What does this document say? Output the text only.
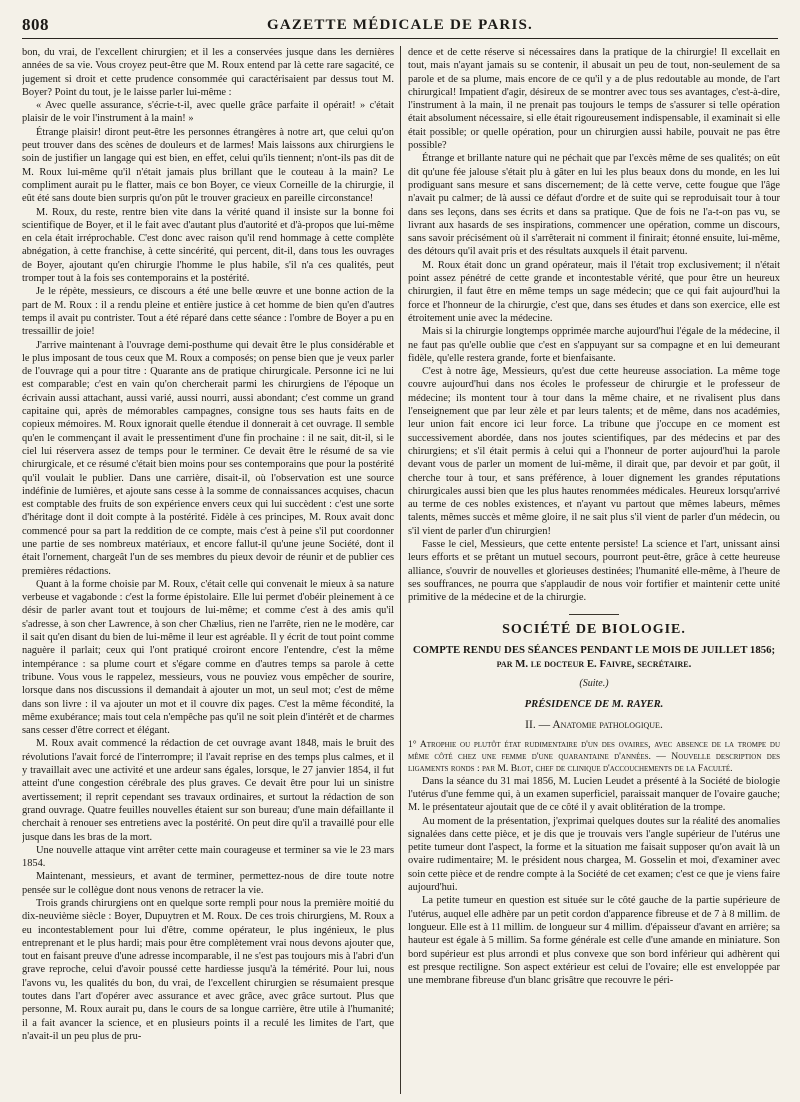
808	GAZETTE MÉDICALE DE PARIS.

bon, du vrai, de l'excellent chirurgien; et il les a conservées jusque dans les dernières années de sa vie. Vous croyez peut-être que M. Roux entend par là cette rare sagacité, ce jugement si droit et cette prudence consommée qui caractérisaient par dessus tout M. Boyer? Point du tout, je le laisse parler lui-même :

« Avec quelle assurance, s'écrie-t-il, avec quelle grâce parfaite il opérait! » c'était plaisir de le voir l'instrument à la main! »

Étrange plaisir! diront peut-être les personnes étrangères à notre art, que celui qu'on peut trouver dans des scènes de douleurs et de larmes! Mais laissons aux chirurgiens le soin de justifier un langage qui est bien, en effet, celui qu'ils tiennent; n'ont-ils pas dit de M. Roux lui-même qu'il n'était jamais plus brillant que le couteau à la main? Le compliment aurait pu le flatter, mais ce bon Boyer, ce vieux Corneille de la chirurgie, il eût été sans doute bien surpris qu'on pût le trouver gracieux en pareille circonstance!

M. Roux, du reste, rentre bien vite dans la vérité quand il insiste sur la bonne foi scientifique de Boyer, et il le fait avec d'autant plus d'autorité et d'à-propos que lui-même en cela était irréprochable. C'est donc avec raison qu'il rend hommage à cette complète abnégation, à cette franchise, à cette sincérité, qui percent, dit-il, dans tous les ouvrages de Boyer, ajoutant qu'en chirurgie l'homme le plus habile, s'il n'a ces qualités, peut tromper tout à la fois ses contemporains et la postérité.

Je le répète, messieurs, ce discours a été une belle œuvre et une bonne action de la part de M. Roux : il a rendu pleine et entière justice à cet homme de bien qu'en d'autres temps il avait pu contrister. Tout a été réparé dans cette séance : l'ombre de Boyer a pu en tressaillir de joie!

J'arrive maintenant à l'ouvrage demi-posthume qui devait être le plus considérable et le plus imposant de tous ceux que M. Roux a composés; on pense bien que je veux parler de l'ouvrage qui a pour titre : Quarante ans de pratique chirurgicale. Personne ici ne lui est comparable; c'est en vain qu'on chercherait parmi les chirurgiens de l'époque un écrivain aussi attachant, aussi varié, aussi nourri, aussi abondant; c'est comme un grand capitaine qui, après de mémorables campagnes, consigne tous ses hauts faits en de copieux mémoires. M. Roux ignorait quelle étendue il donnerait à cet ouvrage. Il semble qu'en le commençant il avait le pressentiment d'une fin prochaine : il ne sait, dit-il, si le ciel lui réservera assez de temps pour le terminer. Ce devait être le résumé de sa vie chirurgicale, et ce résumé c'était bien moins pour ses contemporains que pour la postérité qu'il voulait le publier. Dans une carrière, disait-il, où l'observation est une source indéfinie de lumières, et ajoute sans cesse à la somme de connaissances acquises, chacun est comptable des fruits de son expérience envers ceux qui lui succèdent : c'est une sorte d'héritage dont il doit compte à la postérité. Fidèle à ces principes, M. Roux avait donc commencé pour sa part la reddition de ce compte, mais c'est à peine s'il put coordonner une partie de ses nombreux matériaux, et encore fallut-il qu'une jeune Société, dont il était l'ornement, chargeât l'un de ses membres du pieux devoir de réunir et de publier ces premières rédactions.

Quant à la forme choisie par M. Roux, c'était celle qui convenait le mieux à sa nature verbeuse et vagabonde : c'est la forme épistolaire. Elle lui permet d'obéir pleinement à ce désir de parler avant tout et toujours de lui-même; et comme c'est à des amis qu'il s'adresse, à son cher Lawrence, à son cher Chælius, rien ne l'arrête, rien ne le modère, car il sait qu'en disant du bien de lui-même il leur est agréable. Il y écrit de tout point comme naguère il parlait; ceux qui l'ont pratiqué croiront encore l'entendre, c'est la même intempérance : sa plume court et s'égare comme en d'autres temps sa parole à cette tribune. Vous vous le rappelez, messieurs, vous ne pouviez vous empêcher de sourire, lorsque dans nos discussions il demandait à ajouter un mot, un seul mot; c'est de même dans son livre : il va ajouter un mot et il couvre dix pages. C'est la même fécondité, la même exubérance; mais tout cela n'empêche pas qu'il ne soit plein d'intérêt et de charmes sans cesser d'être correct et élégant.

M. Roux avait commencé la rédaction de cet ouvrage avant 1848, mais le bruit des révolutions l'avait forcé de l'interrompre; il l'avait reprise en des temps plus calmes, et il y travaillait avec une activité et une ardeur sans égales, lorsque, le 27 janvier 1854, il fut atteint d'une congestion cérébrale des plus graves. Ce devait être pour lui un sinistre avertissement; il reprit cependant ses travaux ordinaires, et surtout la rédaction de son grand ouvrage. Quatre feuilles nouvelles étaient sur son bureau; d'une main défaillante il cherchait à renouer ses entretiens avec la postérité. On peut dire qu'il a travaillé pour elle jusque dans les bras de la mort.

Une nouvelle attaque vint arrêter cette main courageuse et terminer sa vie le 23 mars 1854.

Maintenant, messieurs, et avant de terminer, permettez-nous de dire toute notre pensée sur le collègue dont nous venons de retracer la vie.

Trois grands chirurgiens ont en quelque sorte rempli pour nous la première moitié du dix-neuvième siècle : Boyer, Dupuytren et M. Roux. De ces trois chirurgiens, M. Roux a eu incontestablement pour lui d'être, comme opérateur, le plus ingénieux, le plus entreprenant et le plus hardi; mais pour être complètement vrai nous devons ajouter que, tout en faisant preuve d'une adresse incomparable, il ne s'est pas toujours mis à l'abri d'un grave reproche, celui d'avoir poussé cette hardiesse jusqu'à la témérité. Pour lui, nous l'avons vu, les qualités du bon, du vrai, de l'excellent chirurgien se résumaient presque toutes dans l'art d'opérer avec assurance et avec grâce, avec grâce surtout. Plus que personne, M. Roux aurait pu, dans le cours de sa longue carrière, être utile à l'humanité; il a fait avancer la science, et en plusieurs points il a reculé les limites de l'art, que n'avait-il un peu plus de pru-

dence et de cette réserve si nécessaires dans la pratique de la chirurgie! Il excellait en tout, mais n'ayant jamais su se contenir, il abusait un peu de tout, non-seulement de sa parole et de sa plume, mais encore de ce qu'il y a de plus redoutable au monde, de l'art chirurgical! Impatient d'agir, désireux de se montrer avec tous ses avantages, c'est-à-dire, l'instrument à la main, il ne prenait pas toujours le temps de s'assurer si telle opération était absolument nécessaire, si elle était rigoureusement indispensable, il examinait si elle était possible; or quelle opération, pour un chirurgien aussi habile, pouvait ne pas être possible?

Étrange et brillante nature qui ne péchait que par l'excès même de ses qualités; on eût dit qu'une fée jalouse s'était plu à gâter en lui les plus beaux dons du monde, en les lui prodiguant sans mesure et sans discernement; de là cette verve, cette fougue que l'âge n'avait pu calmer; de là aussi ce défaut d'ordre et de suite qui se reproduisait tour à tour dans ses leçons, dans ses écrits et dans sa pratique. Que de fois ne l'a-t-on pas vu, se livrant aux hasards de ses inspirations, commencer une opération, comme un discours, sans savoir précisément où il s'arrêterait ni comment il finirait; étonné ensuite, lui-même, des détours qu'il avait pris et des résultats auxquels il était parvenu.

M. Roux était donc un grand opérateur, mais il l'était trop exclusivement; il n'était point assez pénétré de cette grande et incontestable vérité, que pour être un heureux chirurgien, il faut être en même temps un sage médecin; que ce qui fait aujourd'hui la force et l'honneur de la chirurgie, c'est que, dans ses études et dans son exercice, elle est étroitement unie avec la médecine.

Mais si la chirurgie longtemps opprimée marche aujourd'hui l'égale de la médecine, il ne faut pas qu'elle oublie que c'est en s'appuyant sur sa compagne et en lui demeurant fidèle, qu'elle restera grande, forte et bienfaisante.

C'est à notre âge, Messieurs, qu'est due cette heureuse association. La même toge couvre aujourd'hui dans nos écoles le professeur de chirurgie et le professeur de médecine; ils montent tour à tour dans la même chaire, et ne rivalisent plus dans l'enseignement que par leur zèle et par leurs talents; et de même, dans nos académies, leur union fait encore ici leur force. La tribune que j'occupe en ce moment est successivement abordée, dans nos joutes scientifiques, par des médecins et par des chirurgiens; et s'il était permis à celui qui a l'honneur de porter aujourd'hui la parole devant vous de parler un moment de lui-même, il dirait que, par devoir et par goût, il cherche tour à tour, et sans préférence, à louer dignement les grandes réputations chirurgicales aussi bien que les plus hautes renommées médicales. Heureux lorsqu'arrivé au terme de ces nobles existences, et n'ayant vu partout que mêmes labeurs, mêmes talents, mêmes succès et même gloire, il ne sait plus s'il vient de parler d'un médecin, ou s'il vient de parler d'un chirurgien!

Fasse le ciel, Messieurs, que cette entente persiste! La science et l'art, unissant ainsi leurs efforts et se prêtant un mutuel secours, pourront peut-être, grâce à cette heureuse alliance, s'ouvrir de nouvelles et glorieuses destinées; l'humanité elle-même, à l'heure de ses souffrances, ne pourra que s'applaudir de nous voir fortifier et maintenir cette unité primitive de la médecine et de la chirurgie.

SOCIÉTÉ DE BIOLOGIE.
COMPTE RENDU DES SÉANCES PENDANT LE MOIS DE JUILLET 1856;
par M. le docteur E. Faivre, secrétaire.
(Suite.)
PRÉSIDENCE DE M. RAYER.
II. — Anatomie pathologique.

1° Atrophie ou plutôt état rudimentaire d'un des ovaires, avec absence de la trompe du même côté chez une femme d'une quarantaine d'années. — Nouvelle description des ligaments ronds : par M. Blot, chef de clinique d'accouchements de la Faculté.

Dans la séance du 31 mai 1856, M. Lucien Leudet a présenté à la Société de biologie l'utérus d'une femme qui, à un examen superficiel, paraissait manquer de l'ovaire gauche; M. le présentateur ajoutait que de ce côté il y avait oblitération de la trompe.

Au moment de la présentation, j'exprimai quelques doutes sur la réalité des anomalies signalées dans cette pièce, et je dis que je trouvais vers l'angle supérieur de l'utérus une petite tumeur dont l'aspect, la forme et la situation me faisait supposer qu'on avait là un ovaire rudimentaire; M. le président nous chargea, M. Gosselin et moi, d'examiner avec soin cette pièce et de rendre compte à la Société de cet examen; c'est ce que je viens faire aujourd'hui.

La petite tumeur en question est située sur le côté gauche de la partie supérieure de l'utérus, auquel elle adhère par un petit cordon d'apparence fibreuse et de 7 à 8 millim. de longueur. Elle est à 11 millim. de longueur sur 4 millim. d'épaisseur d'avant en arrière; sa hauteur est égale à 5 millim. Sa forme générale est celle d'une amande en miniature. Son bord supérieur est plus arrondi et plus convexe que son bord inférieur qui adhèrent qui est presque rectiligne. Son aspect extérieur est celui de l'ovaire; elle est enveloppée par une membrane fibreuse d'un blanc grisâtre que recouvre le péri-
